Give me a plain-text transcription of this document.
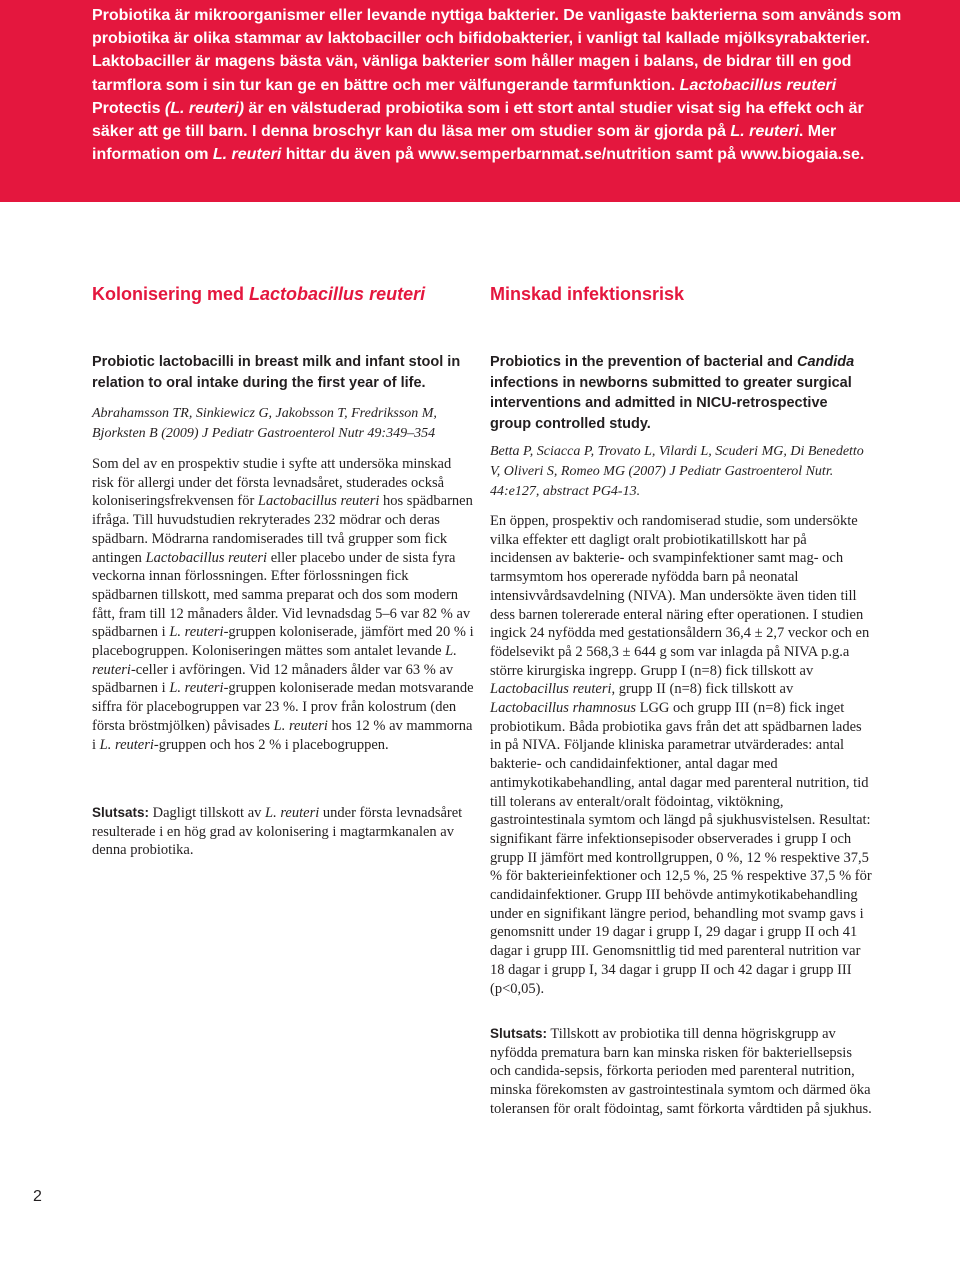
Probiotika är mikroorganismer eller levande nyttiga bakterier. De vanligaste bakterierna som används som probiotika är olika stammar av laktobaciller och bifidobakterier, i vanligt tal kallade mjölksyrabakterier. Laktobaciller är magens bästa vän, vänliga bakterier som håller magen i balans, de bidrar till en god tarmflora som i sin tur kan ge en bättre och mer välfungerande tarmfunktion. Lactobacillus reuteri Protectis (L. reuteri) är en välstuderad probiotika som i ett stort antal studier visat sig ha effekt och är säker att ge till barn. I denna broschyr kan du läsa mer om studier som är gjorda på L. reuteri. Mer information om L. reuteri hittar du även på www.semperbarnmat.se/nutrition samt på www.biogaia.se.

Kolonisering med Lactobacillus reuteri

Probiotic lactobacilli in breast milk and infant stool in relation to oral intake during the first year of life.

Abrahamsson TR, Sinkiewicz G, Jakobsson T, Fredriksson M, Bjorksten B (2009) J Pediatr Gastroenterol Nutr 49:349–354

Som del av en prospektiv studie i syfte att undersöka minskad risk för allergi under det första levnadsåret, studerades också koloniseringsfrekvensen för Lactobacillus reuteri hos spädbarnen ifråga. Till huvudstudien rekryterades 232 mödrar och deras spädbarn. Mödrarna randomiserades till två grupper som fick antingen Lactobacillus reuteri eller placebo under de sista fyra veckorna innan förlossningen. Efter förlossningen fick spädbarnen tillskott, med samma preparat och dos som modern fått, fram till 12 månaders ålder. Vid levnadsdag 5–6 var 82 % av spädbarnen i L. reuteri-gruppen koloniserade, jämfört med 20 % i placebogruppen. Koloniseringen mättes som antalet levande L. reuteri-celler i avföringen. Vid 12 månaders ålder var 63 % av spädbarnen i L. reuteri-gruppen koloniserade medan motsvarande siffra för placebogruppen var 23 %. I prov från kolostrum (den första bröstmjölken) påvisades L. reuteri hos 12 % av mammorna i L. reuteri-gruppen och hos 2 % i placebogruppen.

Slutsats: Dagligt tillskott av L. reuteri under första levnadsåret resulterade i en hög grad av kolonisering i magtarmkanalen av denna probiotika.

Minskad infektionsrisk

Probiotics in the prevention of bacterial and Candida infections in newborns submitted to greater surgical interventions and admitted in NICU-retrospective group controlled study.

Betta P, Sciacca P, Trovato L, Vilardi L, Scuderi MG, Di Benedetto V, Oliveri S, Romeo MG (2007) J Pediatr Gastroenterol Nutr. 44:e127, abstract PG4-13.

En öppen, prospektiv och randomiserad studie, som undersökte vilka effekter ett dagligt oralt probiotikatillskott har på incidensen av bakterie- och svampinfektioner samt mag- och tarmsymtom hos opererade nyfödda barn på neonatal intensivvårdsavdelning (NIVA). Man undersökte även tiden till dess barnen tolererade enteral näring efter operationen. I studien ingick 24 nyfödda med gestationsåldern 36,4 ± 2,7 veckor och en födelsevikt på 2 568,3 ± 644 g som var inlagda på NIVA p.g.a större kirurgiska ingrepp. Grupp I (n=8) fick tillskott av Lactobacillus reuteri, grupp II (n=8) fick tillskott av Lactobacillus rhamnosus LGG och grupp III (n=8) fick inget probiotikum. Båda probiotika gavs från det att spädbarnen lades in på NIVA. Följande kliniska parametrar utvärderades: antal bakterie- och candidainfektioner, antal dagar med antimykotikabehandling, antal dagar med parenteral nutrition, tid till tolerans av enteralt/oralt födointag, viktökning, gastrointestinala symtom och längd på sjukhusvistelsen. Resultat: signifikant färre infektionsepisoder observerades i grupp I och grupp II jämfört med kontrollgruppen, 0 %, 12 % respektive 37,5 % för bakterieinfektioner och 12,5 %, 25 % respektive 37,5 % för candidainfektioner. Grupp III behövde antimykotikabehandling under en signifikant längre period, behandling mot svamp gavs i genomsnitt under 19 dagar i grupp I, 29 dagar i grupp II och 41 dagar i grupp III. Genomsnittlig tid med parenteral nutrition var 18 dagar i grupp I, 34 dagar i grupp II och 42 dagar i grupp III (p<0,05).

Slutsats: Tillskott av probiotika till denna högriskgrupp av nyfödda prematura barn kan minska risken för bakteriellsepsis och candida-sepsis, förkorta perioden med parenteral nutrition, minska förekomsten av gastrointestinala symtom och därmed öka toleransen för oralt födointag, samt förkorta vårdtiden på sjukhus.

2
